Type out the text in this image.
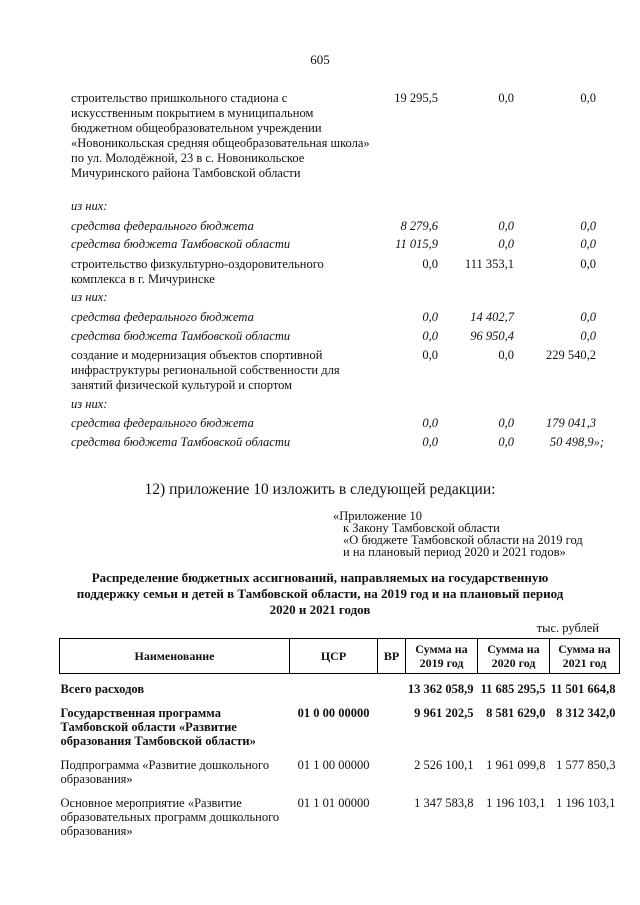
605
строительство пришкольного стадиона с искусственным покрытием в муниципальном бюджетном общеобразовательном учреждении «Новоникольская средняя общеобразовательная школа» по ул. Молодёжной, 23 в с. Новоникольское Мичуринского района Тамбовской области
19 295,5	0,0	0,0
из них:
средства федерального бюджета	8 279,6	0,0	0,0
средства бюджета Тамбовской области	11 015,9	0,0	0,0
строительство физкультурно-оздоровительного комплекса в г. Мичуринске
0,0	111 353,1	0,0
из них:
средства федерального бюджета	0,0	14 402,7	0,0
средства бюджета Тамбовской области	0,0	96 950,4	0,0
создание и модернизация объектов спортивной инфраструктуры региональной собственности для занятий физической культурой и спортом
0,0	0,0	229 540,2
из них:
средства федерального бюджета	0,0	0,0	179 041,3
средства бюджета Тамбовской области	0,0	0,0	50 498,9»;
12) приложение 10 изложить в следующей редакции:
«Приложение 10
к Закону Тамбовской области
«О бюджете Тамбовской области на 2019 год
и на плановый период 2020 и 2021 годов»
Распределение бюджетных ассигнований, направляемых на государственную
поддержку семьи и детей в Тамбовской области, на 2019 год и на плановый период
2020 и 2021 годов
тыс. рублей
Наименование	ЦСР	ВР	Сумма на 2019 год	Сумма на 2020 год	Сумма на 2021 год
Всего расходов			13 362 058,9	11 685 295,5	11 501 664,8
Государственная программа Тамбовской области «Развитие образования Тамбовской области»	01 0 00 00000		9 961 202,5	8 581 629,0	8 312 342,0
Подпрограмма «Развитие дошкольного образования»	01 1 00 00000		2 526 100,1	1 961 099,8	1 577 850,3
Основное мероприятие «Развитие образовательных программ дошкольного образования»	01 1 01 00000		1 347 583,8	1 196 103,1	1 196 103,1
